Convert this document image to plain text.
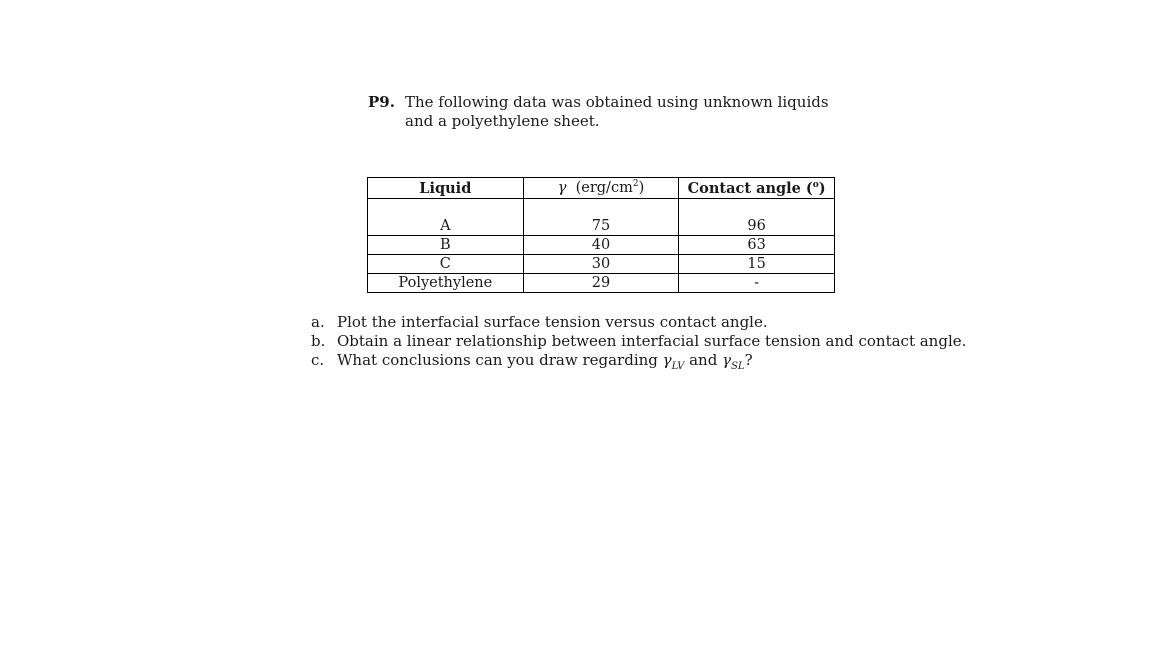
P9. The following data was obtained using unknown liquids and a polyethylene sheet.
Liquid	γ $(erg/cm^2)$	Contact angle ($^o$)
A	75	96
B	40	63
C	30	15
Polyethylene	29	-
a. Plot the interfacial surface tension versus contact angle.
b. Obtain a linear relationship between interfacial surface tension and contact angle.
c. What conclusions can you draw regarding $\gamma_{LV}$ and $\gamma_{SL}$?
